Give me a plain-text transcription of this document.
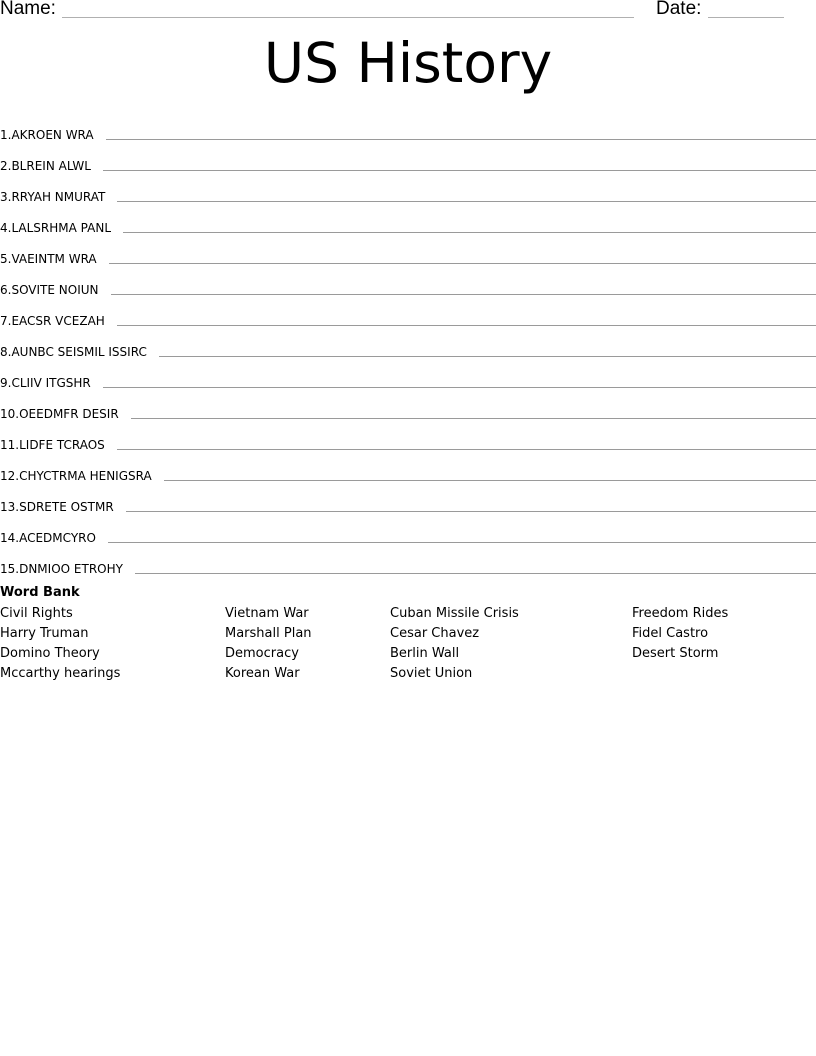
Name:	Date:
US History
1. AKROEN WRA
2. BLREIN ALWL
3. RRYAH NMURAT
4. LALSRHMA PANL
5. VAEINTM WRA
6. SOVITE NOIUN
7. EACSR VCEZAH
8. AUNBC SEISMIL ISSIRC
9. CLIIV ITGSHR
10. OEEDMFR DESIR
11. LIDFE TCRAOS
12. CHYCTRMA HENIGSRA
13. SDRETE OSTMR
14. ACEDMCYRO
15. DNMIOO ETROHY
Word Bank
Civil Rights
Harry Truman
Domino Theory
Mccarthy hearings
Vietnam War
Marshall Plan
Democracy
Korean War
Cuban Missile Crisis
Cesar Chavez
Berlin Wall
Soviet Union
Freedom Rides
Fidel Castro
Desert Storm
